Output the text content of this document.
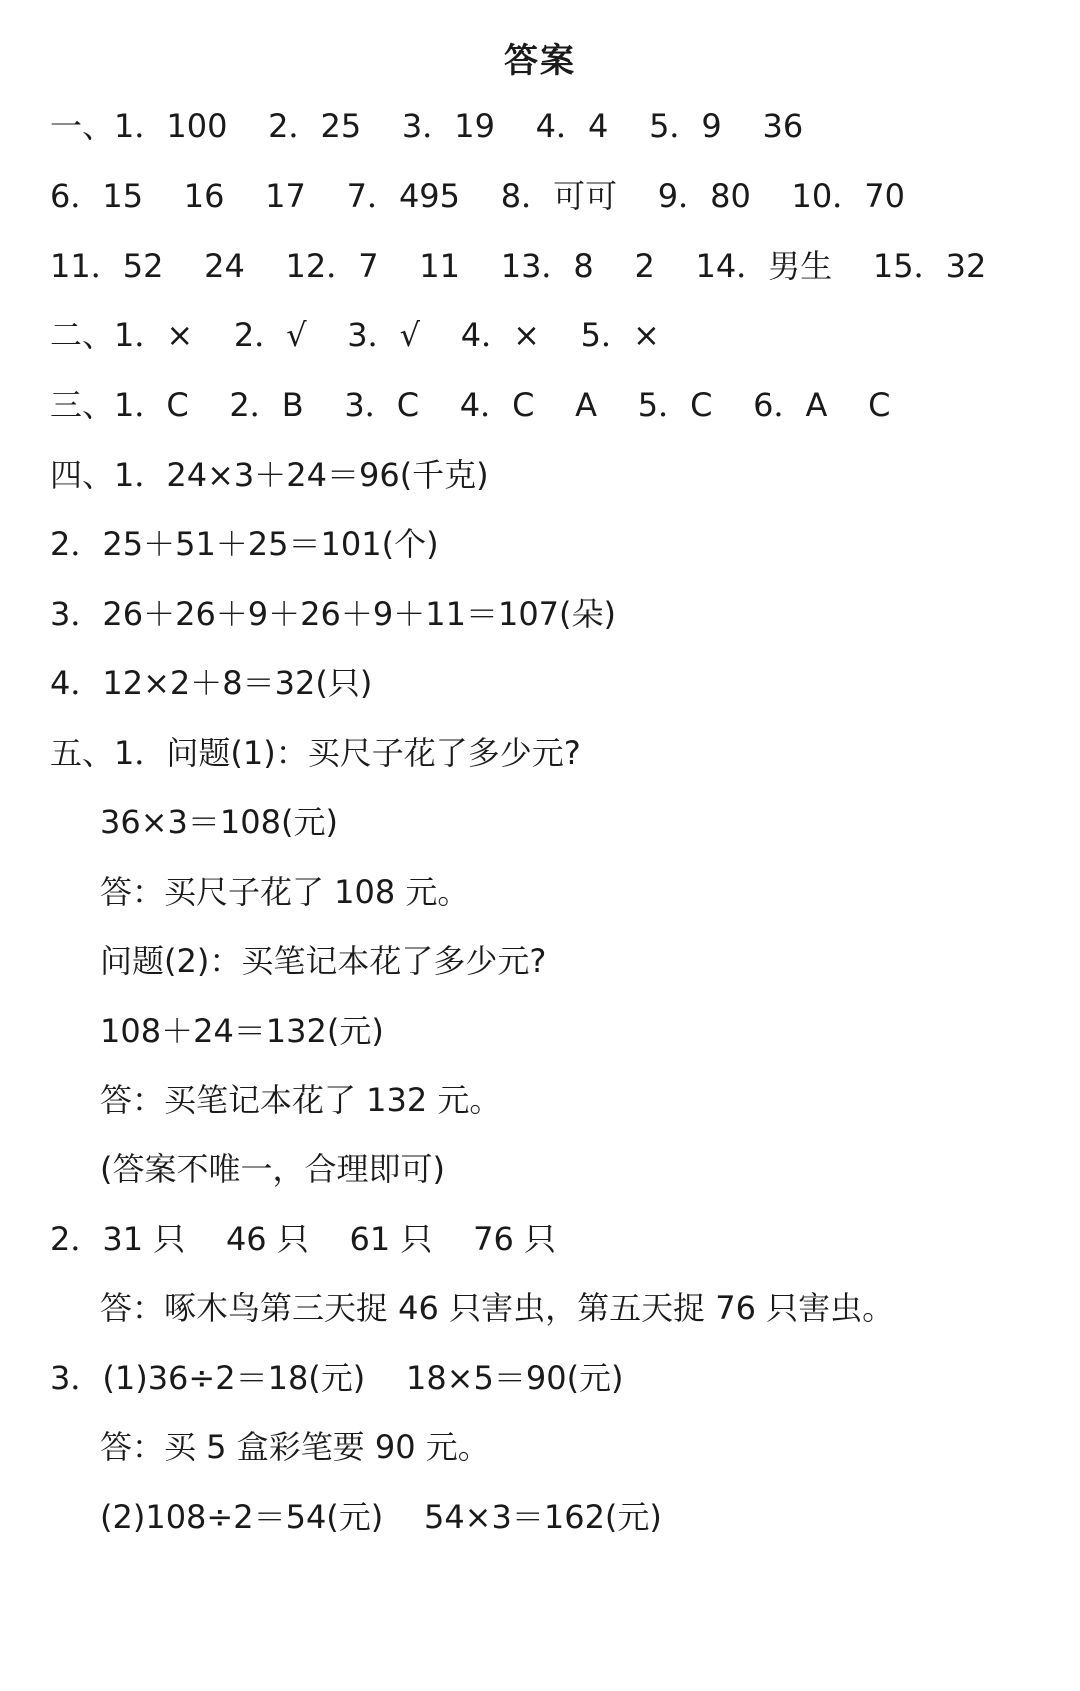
答案
一、1．100    2．25    3．19    4．4    5．9    36
6．15    16    17    7．495    8．可可    9．80    10．70
11．52    24    12．7    11    13．8    2    14．男生    15．32
二、1．×    2．√    3．√    4．×    5．×
三、1．C    2．B    3．C    4．C    A    5．C    6．A    C
四、1．24×3＋24＝96(千克)
2．25＋51＋25＝101(个)
3．26＋26＋9＋26＋9＋11＝107(朵)
4．12×2＋8＝32(只)
五、1．问题(1)：买尺子花了多少元?
36×3＝108(元)
答：买尺子花了 108 元。
问题(2)：买笔记本花了多少元?
108＋24＝132(元)
答：买笔记本花了 132 元。
(答案不唯一，合理即可)
2．31 只    46 只    61 只    76 只
答：啄木鸟第三天捉 46 只害虫，第五天捉 76 只害虫。
3．(1)36÷2＝18(元)    18×5＝90(元)
答：买 5 盒彩笔要 90 元。
(2)108÷2＝54(元)    54×3＝162(元)
